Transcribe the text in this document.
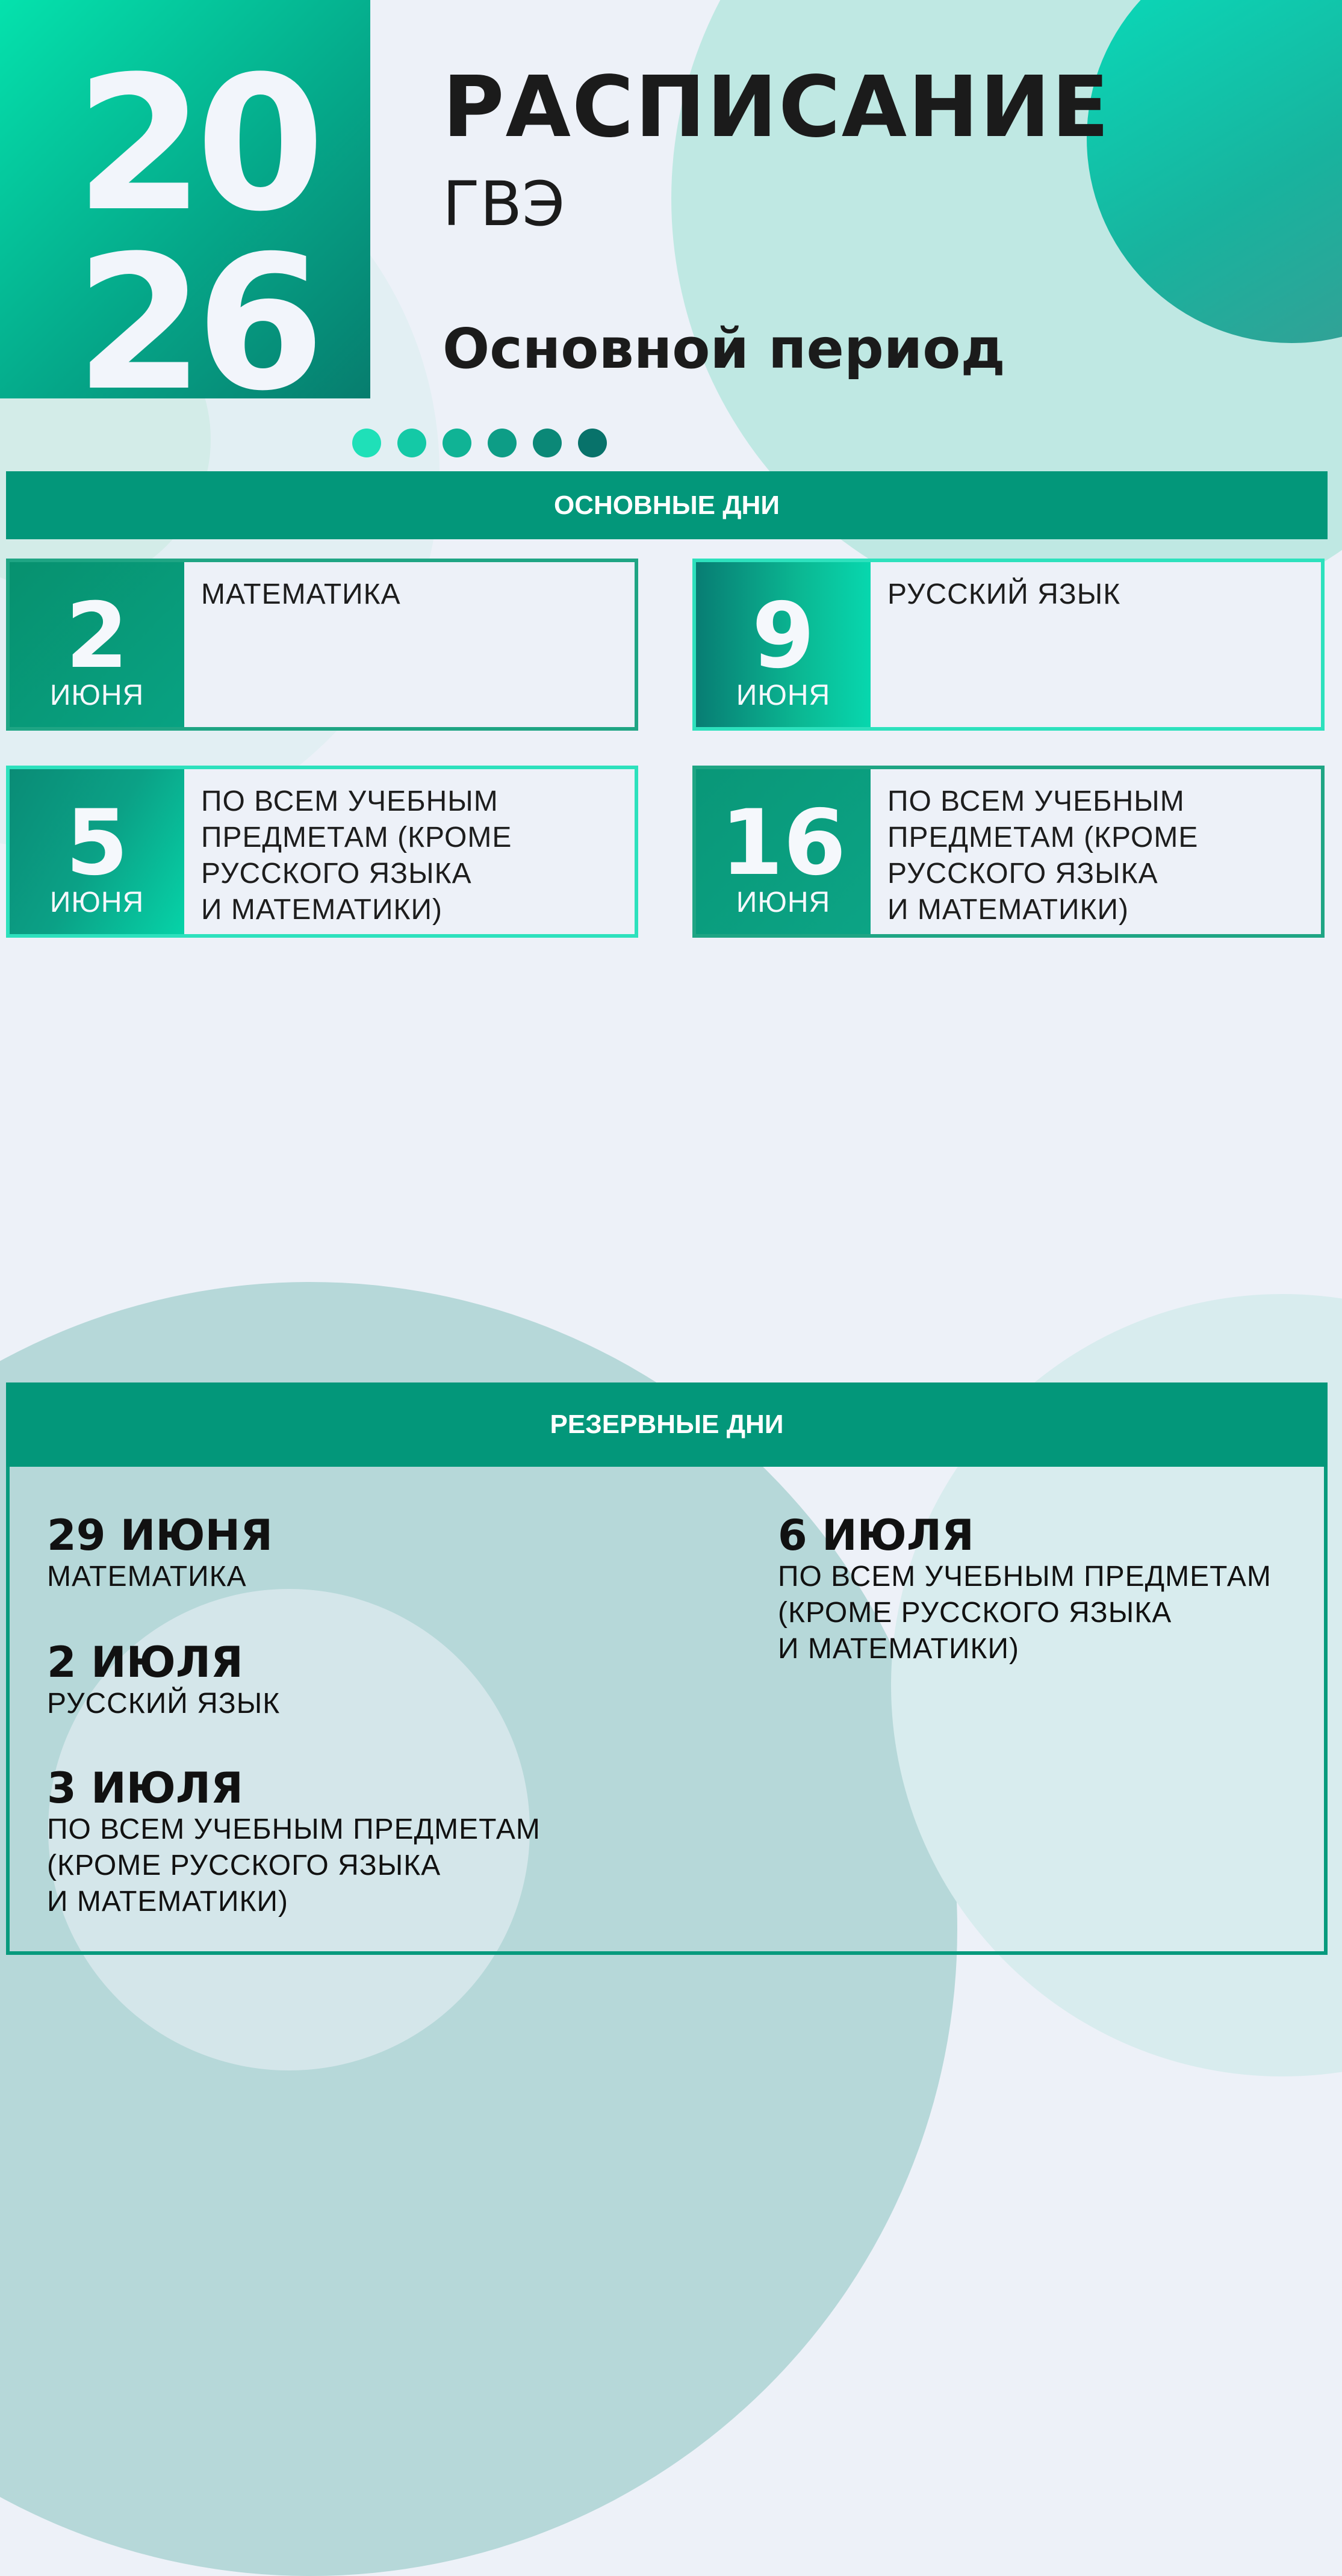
20
26
РАСПИСАНИЕ
ГВЭ
Основной период
ОСНОВНЫЕ ДНИ
2
ИЮНЯ
МАТЕМАТИКА	9
ИЮНЯ
РУССКИЙ ЯЗЫК
5
ИЮНЯ
ПО ВСЕМ УЧЕБНЫМ
ПРЕДМЕТАМ (КРОМЕ
РУССКОГО ЯЗЫКА
И МАТЕМАТИКИ)
16
ИЮНЯ
ПО ВСЕМ УЧЕБНЫМ
ПРЕДМЕТАМ (КРОМЕ
РУССКОГО ЯЗЫКА
И МАТЕМАТИКИ)
РЕЗЕРВНЫЕ ДНИ
29 ИЮНЯ
МАТЕМАТИКА
2 ИЮЛЯ
РУССКИЙ ЯЗЫК
3 ИЮЛЯ
ПО ВСЕМ УЧЕБНЫМ ПРЕДМЕТАМ
(КРОМЕ РУССКОГО ЯЗЫКА
И МАТЕМАТИКИ)
6 ИЮЛЯ
ПО ВСЕМ УЧЕБНЫМ ПРЕДМЕТАМ
(КРОМЕ РУССКОГО ЯЗЫКА
И МАТЕМАТИКИ)
